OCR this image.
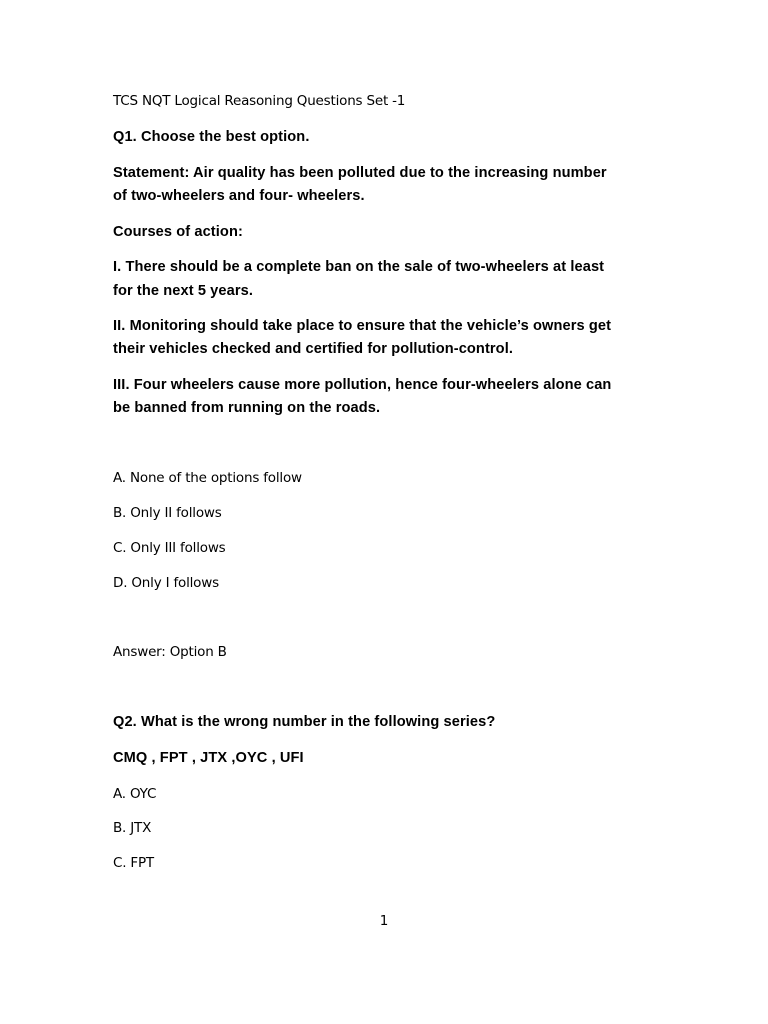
TCS NQT Logical Reasoning Questions Set -1
Q1. Choose the best option.
Statement: Air quality has been polluted due to the increasing number
of two-wheelers and four- wheelers.
Courses of action:
I. There should be a complete ban on the sale of two-wheelers at least
for the next 5 years.
II. Monitoring should take place to ensure that the vehicle’s owners get
their vehicles checked and certified for pollution-control.
III. Four wheelers cause more pollution, hence four-wheelers alone can
be banned from running on the roads.
A. None of the options follow
B. Only II follows
C. Only III follows
D. Only I follows
Answer: Option B
Q2. What is the wrong number in the following series?
CMQ , FPT , JTX ,OYC , UFI
A. OYC
B. JTX
C. FPT
1
